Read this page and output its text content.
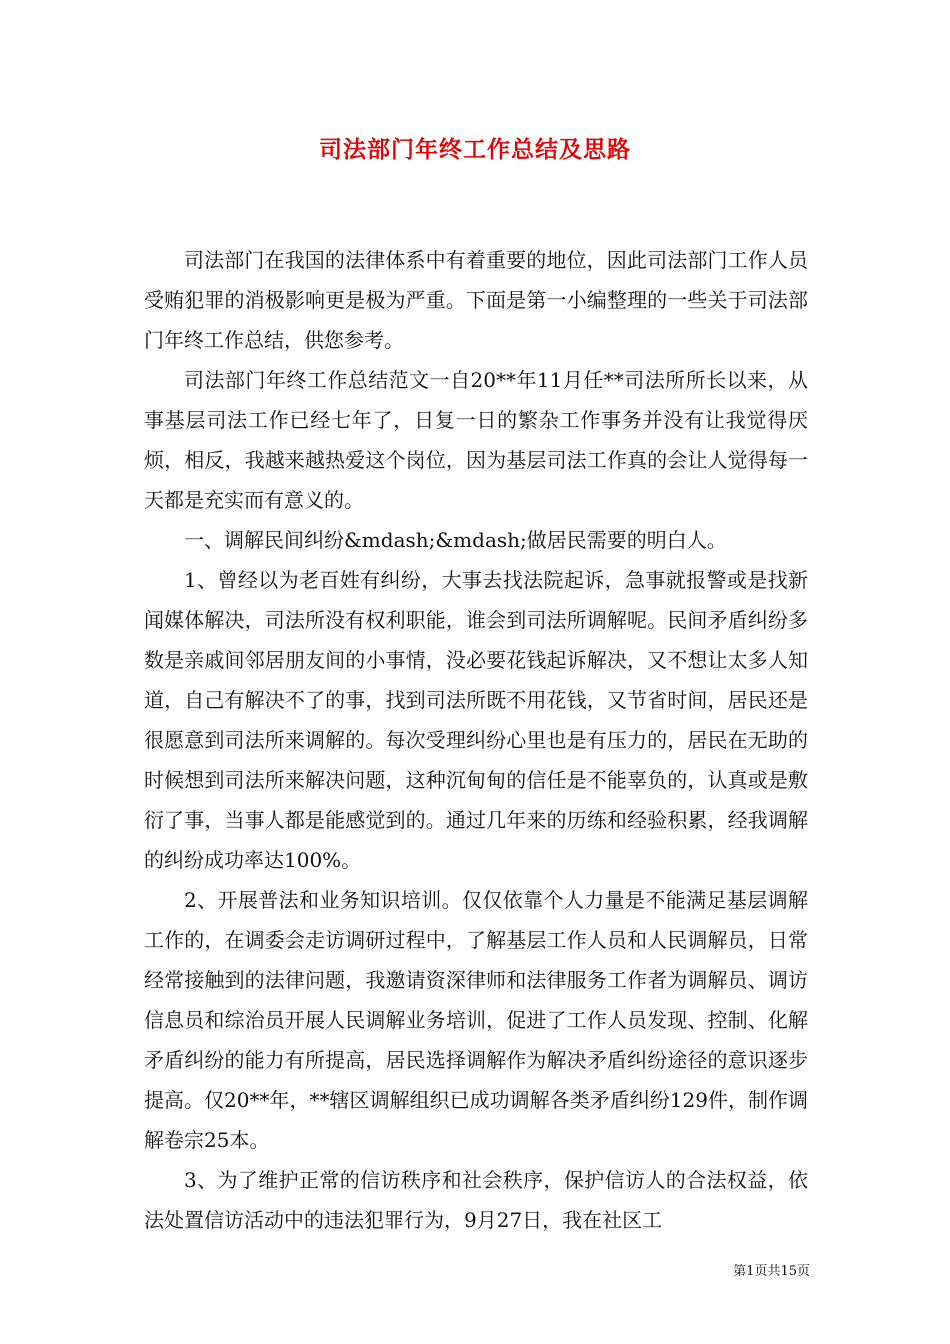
司法部门年终工作总结及思路

司法部门在我国的法律体系中有着重要的地位，因此司法部门工作人员受贿犯罪的消极影响更是极为严重。下面是第一小编整理的一些关于司法部门年终工作总结，供您参考。

司法部门年终工作总结范文一自20**年11月任**司法所所长以来，从事基层司法工作已经七年了，日复一日的繁杂工作事务并没有让我觉得厌烦，相反，我越来越热爱这个岗位，因为基层司法工作真的会让人觉得每一天都是充实而有意义的。

一、调解民间纠纷&mdash;&mdash;做居民需要的明白人。

1、曾经以为老百姓有纠纷，大事去找法院起诉，急事就报警或是找新闻媒体解决，司法所没有权利职能，谁会到司法所调解呢。民间矛盾纠纷多数是亲戚间邻居朋友间的小事情，没必要花钱起诉解决，又不想让太多人知道，自己有解决不了的事，找到司法所既不用花钱，又节省时间，居民还是很愿意到司法所来调解的。每次受理纠纷心里也是有压力的，居民在无助的时候想到司法所来解决问题，这种沉甸甸的信任是不能辜负的，认真或是敷衍了事，当事人都是能感觉到的。通过几年来的历练和经验积累，经我调解的纠纷成功率达100%。

2、开展普法和业务知识培训。仅仅依靠个人力量是不能满足基层调解工作的，在调委会走访调研过程中，了解基层工作人员和人民调解员，日常经常接触到的法律问题，我邀请资深律师和法律服务工作者为调解员、调访信息员和综治员开展人民调解业务培训，促进了工作人员发现、控制、化解矛盾纠纷的能力有所提高，居民选择调解作为解决矛盾纠纷途径的意识逐步提高。仅20**年，**辖区调解组织已成功调解各类矛盾纠纷129件，制作调解卷宗25本。

3、为了维护正常的信访秩序和社会秩序，保护信访人的合法权益，依法处置信访活动中的违法犯罪行为，9月27日，我在社区工

第1页共15页
